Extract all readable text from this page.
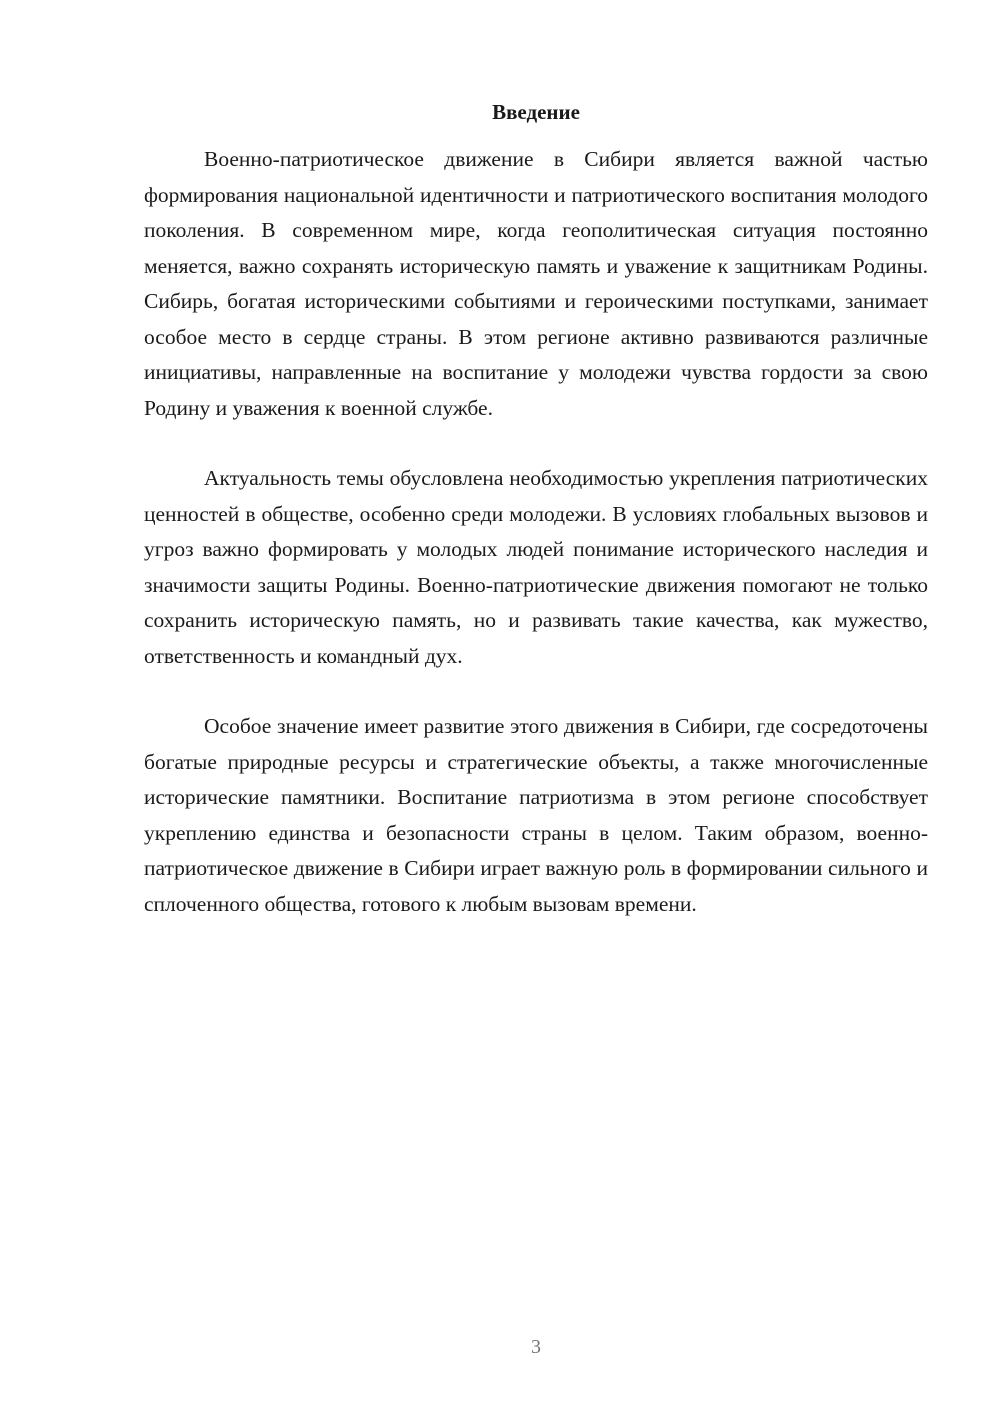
Введение

Военно-патриотическое движение в Сибири является важной частью формирования национальной идентичности и патриотического воспитания молодого поколения. В современном мире, когда геополитическая ситуация постоянно меняется, важно сохранять историческую память и уважение к защитникам Родины. Сибирь, богатая историческими событиями и героическими поступками, занимает особое место в сердце страны. В этом регионе активно развиваются различные инициативы, направленные на воспитание у молодежи чувства гордости за свою Родину и уважения к военной службе.

Актуальность темы обусловлена необходимостью укрепления патриотических ценностей в обществе, особенно среди молодежи. В условиях глобальных вызовов и угроз важно формировать у молодых людей понимание исторического наследия и значимости защиты Родины. Военно-патриотические движения помогают не только сохранить историческую память, но и развивать такие качества, как мужество, ответственность и командный дух.

Особое значение имеет развитие этого движения в Сибири, где сосредоточены богатые природные ресурсы и стратегические объекты, а также многочисленные исторические памятники. Воспитание патриотизма в этом регионе способствует укреплению единства и безопасности страны в целом. Таким образом, военно-патриотическое движение в Сибири играет важную роль в формировании сильного и сплоченного общества, готового к любым вызовам времени.

3
